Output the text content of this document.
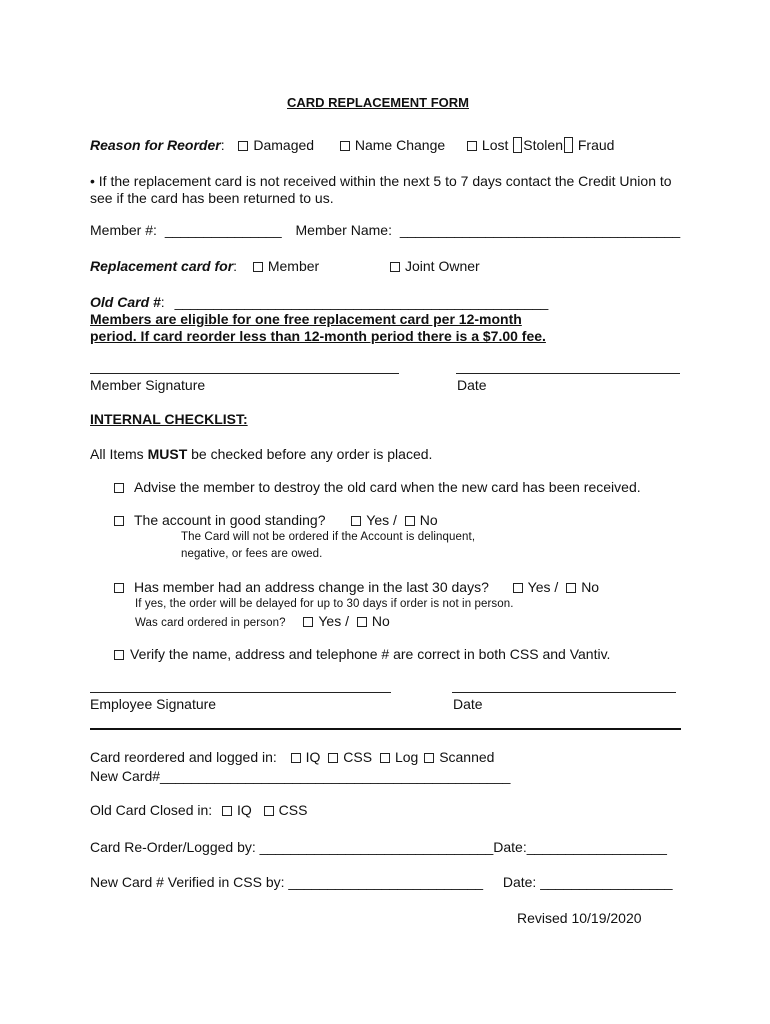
CARD REPLACEMENT FORM
Reason for Reorder: Damaged	Name Change	Lost Stolen Fraud
• If the replacement card is not received within the next 5 to 7 days contact the Credit Union to
see if the card has been returned to us.
Member #: _______________ Member Name: ____________________________________
Replacement card for: Member	Joint Owner
Old Card #: ________________________________________________
Members are eligible for one free replacement card per 12-month
period. If card reorder less than 12-month period there is a $7.00 fee.
Member Signature	Date
INTERNAL CHECKLIST:
All Items MUST be checked before any order is placed.
Advise the member to destroy the old card when the new card has been received.
The account in good standing?	Yes / No
The Card will not be ordered if the Account is delinquent,
negative, or fees are owed.
Has member had an address change in the last 30 days?	Yes / No
If yes, the order will be delayed for up to 30 days if order is not in person.
Was card ordered in person? Yes / No
Verify the name, address and telephone # are correct in both CSS and Vantiv.
Employee Signature	Date
Card reordered and logged in: IQ CSS Log Scanned
New Card#_____________________________________________
Old Card Closed in: IQ CSS
Card Re-Order/Logged by: ______________________________Date:__________________
New Card # Verified in CSS by: _________________________ Date: _________________
Revised 10/19/2020
